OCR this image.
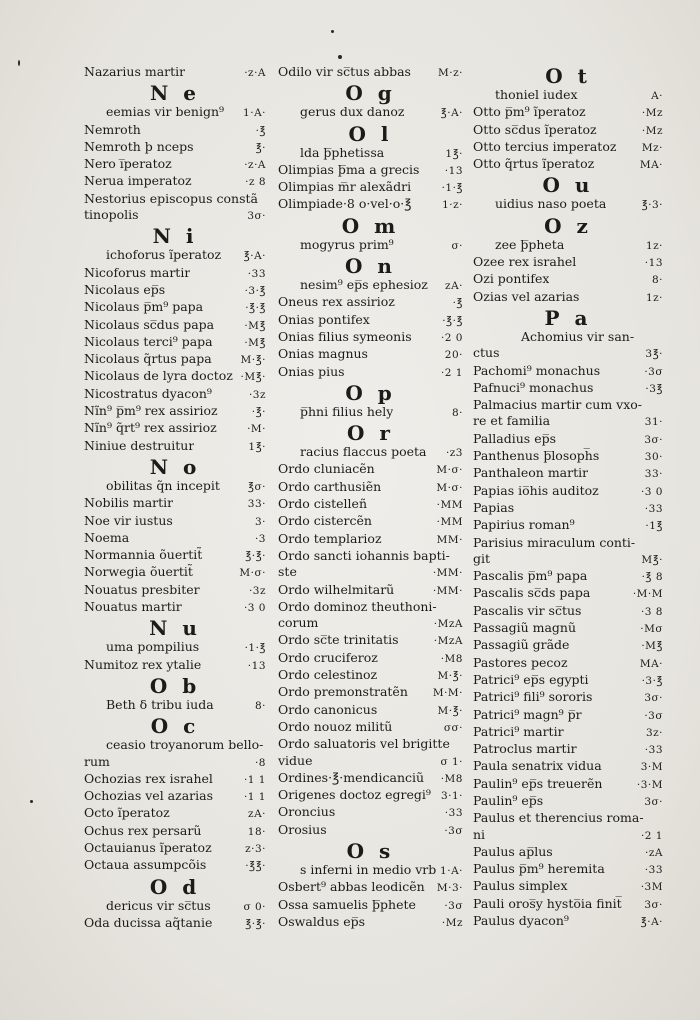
Nazarius martir	·z·A
N e
eemias vir benign⁹	1·A·
Nemroth	·℥
Nemroth þ nceps	℥·
Nero i̅peratoz	·z·A
Nerua imperatoz	·z 8
Nestorius episcopus constã
tinopolis	3σ·
N i
ichoforus ĩperatoz	℥·A·
Nicoforus martir	·33
Nicolaus ep̅s	·3·℥
Nicolaus p̅m⁹ papa	·℥·℥
Nicolaus sc̅dus papa	·M℥
Nicolaus terci⁹ papa	·M℥
Nicolaus q̃rtus papa	M·℥·
Nicolaus de lyra doctoz ·M℥·
Nicostratus dyacon⁹	·3z
Nĩn⁹ p̅m⁹ rex assirioz	·℥·
Nĩn⁹ q̃rt⁹ rex assirioz	·M·
Niniue destruitur	1℥·
N o
obilitas q̃n incepit	℥σ·
Nobilis martir	33·
Noe vir iustus	3·
Noema	·3
Normannia õuertit̃	℥·℥·
Norwegia õuertit̃	M·σ·
Nouatus presbiter	·3z
Nouatus martir	·3 0
N u
uma pompilius	·1·℥
Numitoz rex ytalie	·13
O b
Beth ẟ tribu iuda	8·
O c
ceasio troyanorum bello‐
rum	·8
Ochozias rex israhel	·1 1
Ochozias vel azarias	·1 1
Octo ĩperatoz	zA·
Ochus rex persarũ	18·
Octauianus ĩperatoz	z·3·
Octaua assumpcõis	·℥℥·
O d
dericus vir sc̅tus	σ 0·
Oda ducissa aq̃tanie	℥·℥·
Odilo vir sc̅tus abbas	M·z·
O g
gerus dux danoz	℥·A·
O l
lda þ̅phetissa	1℥·
Olimpias þ̅ma a grecis	·13
Olimpias m̅r alexãdri	·1·℥
Olimpiade·8 o·vel·o·℥	1·z·
O m
mogyrus prim⁹	σ·
O n
nesim⁹ ep̅s ephesioz	zA·
Oneus rex assirioz	·℥
Onias pontifex	·℥·℥
Onias filius symeonis	·2 0
Onias magnus	20·
Onias pius	·2 1
O p
p̅hni filius hely	8·
O r
racius flaccus poeta	·z3
Ordo cluniacẽn	M·σ·
Ordo carthusiẽn	M·σ·
Ordo cistelleñ	·MM
Ordo cistercẽn	·MM
Ordo templarioz	MM·
Ordo sancti iohannis bapti‐
ste	·MM·
Ordo wilhelmitarũ	·MM·
Ordo dominoz theuthoni‐
corum	·MzA
Ordo sc̅te trinitatis	·MzA
Ordo cruciferoz	·M8
Ordo celestinoz	M·℥·
Ordo premonstratẽn	M·M·
Ordo canonicus	M·℥·
Ordo nouoz militũ	σσ·
Ordo saluatoris vel brigitte
vidue	σ 1·
Ordines·℥·mendicanciũ	·M8
Origenes doctoz egregi⁹ 3·1·
Oroncius	·33
Orosius	·3σ
O s
s inferni in medio vrb 1·A·
Osbert⁹ abbas leodicẽn	M·3·
Ossa samuelis þ̅phete	·3σ
Oswaldus ep̅s	·Mz
O t
thoniel iudex	A·
Otto p̅m⁹ ĩperatoz	·Mz
Otto sc̅dus ĩperatoz	·Mz
Otto tercius imperatoz	Mz·
Otto q̃rtus ĩperatoz	MA·
O u
uidius naso poeta	℥·3·
O z
zee þ̅pheta	1z·
Ozee rex israhel	·13
Ozi pontifex	8·
Ozias vel azarias	1z·
P a
Achomius vir san‐
ctus	3℥·
Pachomi⁹ monachus	·3σ
Pafnuci⁹ monachus	·3℥
Palmacius martir cum vxo‐
re et familia	31·
Palladius ep̅s	3σ·
Panthenus þ̅losoph̅s	30·
Panthaleon martir	33·
Papias io̅his auditoz	·3 0
Papias	·33
Papirius roman⁹	·1℥
Parisius miraculum conti‐
git	M℥·
Pascalis p̅m⁹ papa	·℥ 8
Pascalis sc̅ds papa	·M·M
Pascalis vir sc̅tus	·3 8
Passagiũ magnũ	·Mσ
Passagiũ grãde	·M℥
Pastores pecoz	MA·
Patrici⁹ ep̅s egypti	·3·℥
Patrici⁹ fili⁹ sororis	3σ·
Patrici⁹ magn⁹ p̅r	·3σ
Patrici⁹ martir	3z·
Patroclus martir	·33
Paula senatrix vidua	3·M
Paulin⁹ ep̅s treuerẽn	·3·M
Paulin⁹ ep̅s	3σ·
Paulus et therencius roma‐
ni	·2 1
Paulus ap̅lus	·zA
Paulus p̅m⁹ heremita	·33
Paulus simplex	·3M
Pauli oros̅y hysto̅ia finit̅	3σ·
Paulus dyacon⁹	℥·A·
